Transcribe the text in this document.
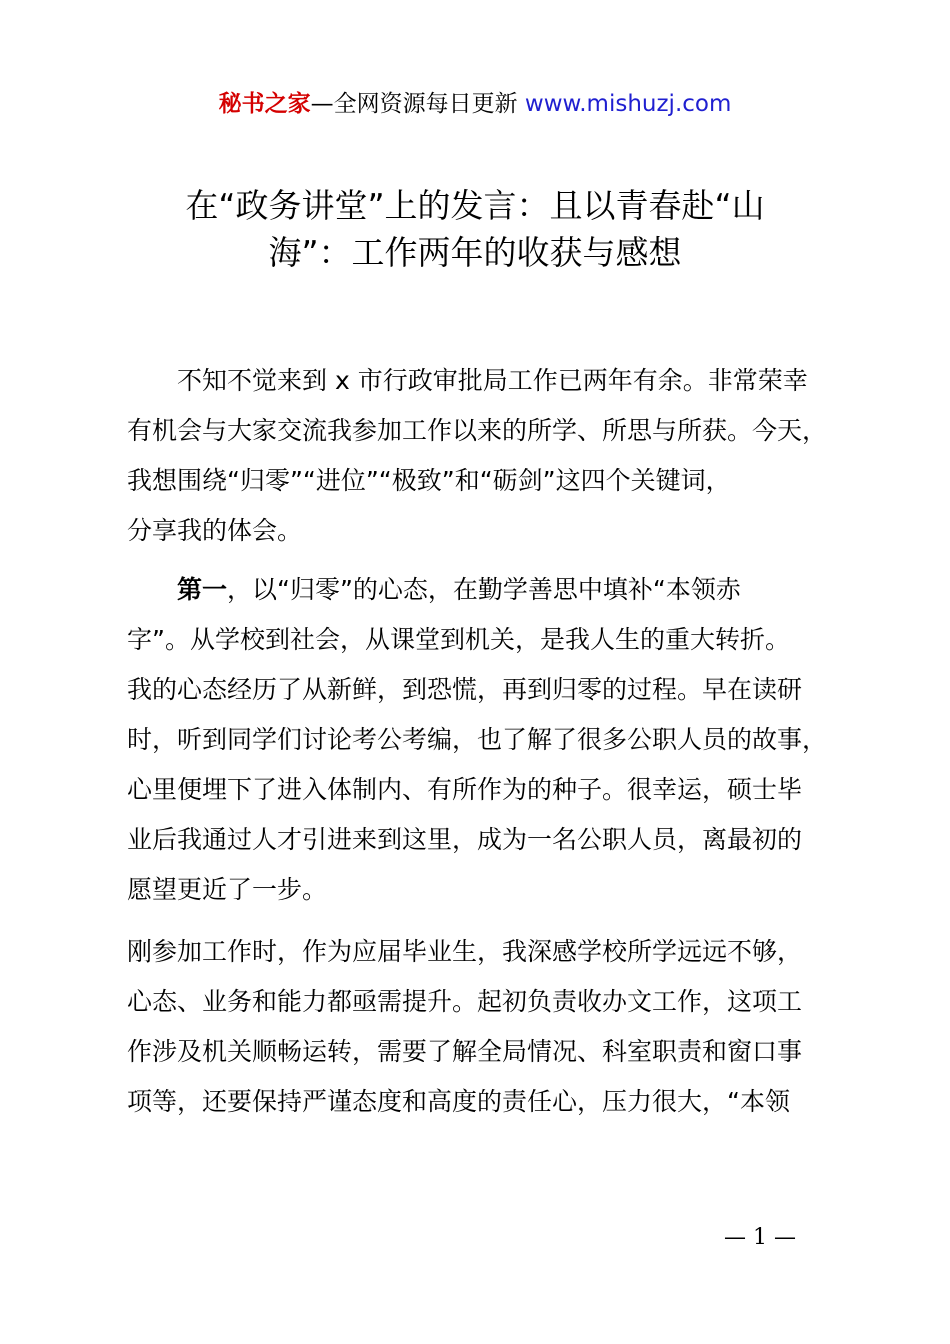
秘书之家—全网资源每日更新 www.mishuzj.com
在“政务讲堂”上的发言：且以青春赴“山
海”：工作两年的收获与感想
不知不觉来到 x 市行政审批局工作已两年有余。非常荣幸
有机会与大家交流我参加工作以来的所学、所思与所获。今天，
我想围绕“归零”“进位”“极致”和“砺剑”这四个关键词，
分享我的体会。
第一，以“归零”的心态，在勤学善思中填补“本领赤
字”。从学校到社会，从课堂到机关，是我人生的重大转折。
我的心态经历了从新鲜，到恐慌，再到归零的过程。早在读研
时，听到同学们讨论考公考编，也了解了很多公职人员的故事，
心里便埋下了进入体制内、有所作为的种子。很幸运，硕士毕
业后我通过人才引进来到这里，成为一名公职人员，离最初的
愿望更近了一步。
刚参加工作时，作为应届毕业生，我深感学校所学远远不够，
心态、业务和能力都亟需提升。起初负责收办文工作，这项工
作涉及机关顺畅运转，需要了解全局情况、科室职责和窗口事
项等，还要保持严谨态度和高度的责任心，压力很大，“本领
— 1 —
